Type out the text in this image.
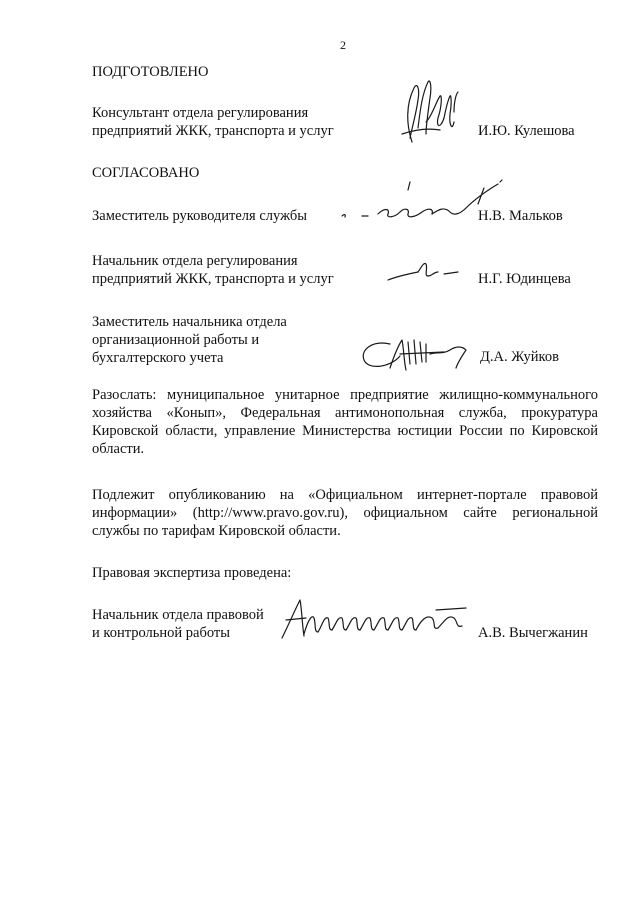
2
ПОДГОТОВЛЕНО
Консультант отдела регулирования
предприятий ЖКК, транспорта и услуг	И.Ю. Кулешова
СОГЛАСОВАНО
Заместитель руководителя службы	Н.В. Мальков
Начальник отдела регулирования
предприятий ЖКК, транспорта и услуг	Н.Г. Юдинцева
Заместитель начальника отдела
организационной работы и
бухгалтерского учета	Д.А. Жуйков
Разослать: муниципальное унитарное предприятие жилищно-коммунального хозяйства «Конып», Федеральная антимонопольная служба, прокуратура Кировской области, управление Министерства юстиции России по Кировской области.
Подлежит опубликованию на «Официальном интернет-портале правовой информации» (http://www.pravo.gov.ru), официальном сайте региональной службы по тарифам Кировской области.
Правовая экспертиза проведена:
Начальник отдела правовой
и контрольной работы	А.В. Вычегжанин
